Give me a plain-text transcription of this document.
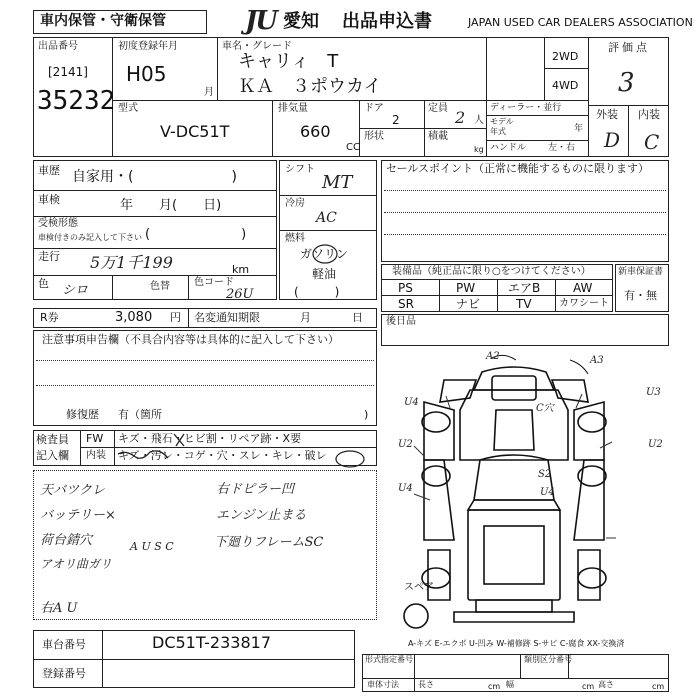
車内保管・守衛保管	JU 愛知 出品申込書	JAPAN USED CAR DEALERS ASSOCIATION
出品番号
[2141]
35232
初度登録年月
H05
月
車名・グレード
キャリィ　T
ＫＡ　３ポウカイ
2WD
4WD
型式
V-DC51T
排気量
660
CC
ドア
2
形状
定員 2 人
積載
kg
ディーラー・並行
モデル
年式	年
ハンドル 左・右
評価点
3
外装 内装
D C
車歴 自家用・(　　　　　　　)
車検	年　　月(　　日)
受検形態
車検付きのみ記入して下さい (　　　　　　　)
走行 5万1千199	km
色 シロ	色替 色コード
26U
シフト
MT
冷房
AC
燃料
ガソリン
軽油
(　　　)
セールスポイント（正常に機能するものに限ります）
装備品（純正品に限り○をつけてください）
PS	PW	エアB	AW
SR	ナビ	TV	カワシート
新車保証書
有・無
R券	3,080 円 名変通知期限	月	日 後日品
注意事項申告欄（不具合内容等は具体的に記入して下さい）
修復歴 有（箇所	)
検査員
記入欄
FW キズ・飛石・ヒビ割・リペア跡・X要
内装 キズ・汚レ・コゲ・穴・スレ・キレ・破レ
天バツクレ
バッテリー×
荷台錆穴
アオリ曲ガリ
右A U
右ドピラー凹
エンジン止まる
下廻りフレームSC
A U S C
A2	A3
U3
U4
U2	U2
U4
C穴
S2
U4
スペア
A-キズ E-エクボ U-凹み W-補修跡 S-サビ C-腐食 XX-交換済
車台番号	DC51T-233817
登録番号
形式指定番号	類別区分番号
車体寸法 長さ	cm 幅	cm 高さ	cm
